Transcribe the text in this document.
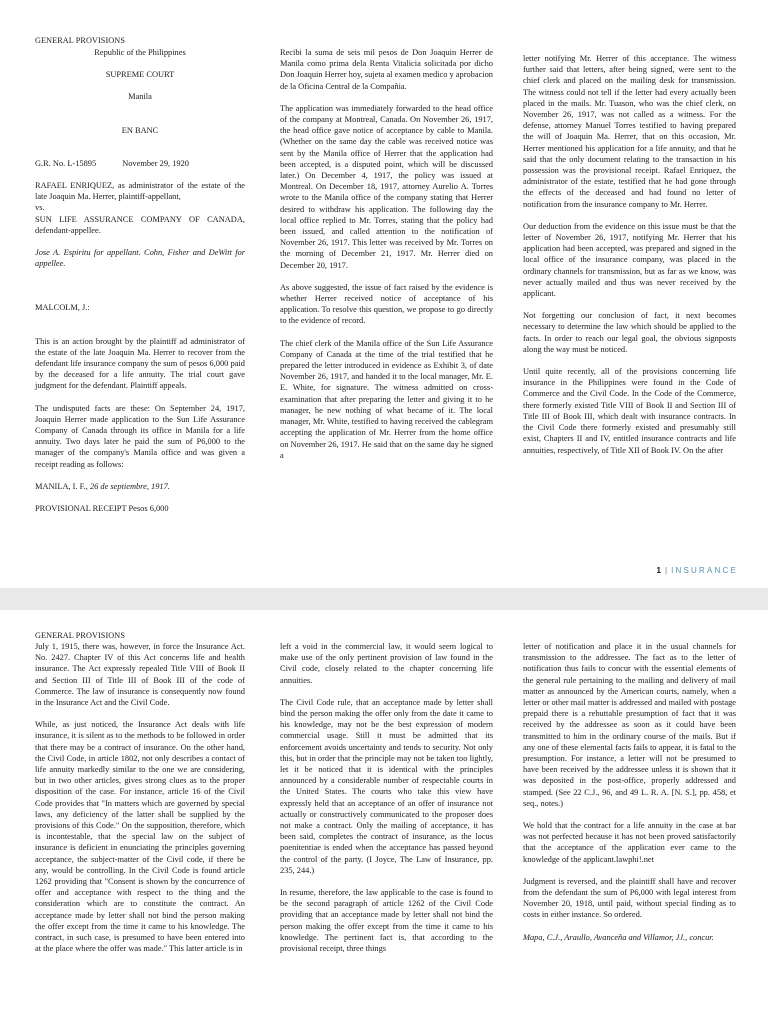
GENERAL PROVISIONS

Republic of the Philippines

SUPREME COURT

Manila

EN BANC

G.R. No. L-15895	November 29, 1920

RAFAEL ENRIQUEZ, as administrator of the estate of the late Joaquin Ma. Herrer, plaintiff-appellant,

vs.

SUN LIFE ASSURANCE COMPANY OF CANADA, defendant-appellee.

Jose A. Espiritu for appellant. Cohn, Fisher and DeWitt for appellee.

MALCOLM, J.:

This is an action brought by the plaintiff ad administrator of the estate of the late Joaquin Ma. Herrer to recover from the defendant life insurance company the sum of pesos 6,000 paid by the deceased for a life annuity. The trial court gave judgment for the defendant. Plaintiff appeals.

The undisputed facts are these: On September 24, 1917, Joaquin Herrer made application to the Sun Life Assurance Company of Canada through its office in Manila for a life annuity. Two days later he paid the sum of P6,000 to the manager of the company's Manila office and was given a receipt reading as follows:

MANILA, I. F., 26 de septiembre, 1917.

PROVISIONAL RECEIPT Pesos 6,000

Recibi la suma de seis mil pesos de Don Joaquin Herrer de Manila como prima dela Renta Vitalicia solicitada por dicho Don Joaquin Herrer hoy, sujeta al examen medico y aprobacion de la Oficina Central de la Compañia.

The application was immediately forwarded to the head office of the company at Montreal, Canada. On November 26, 1917, the head office gave notice of acceptance by cable to Manila. (Whether on the same day the cable was received notice was sent by the Manila office of Herrer that the application had been accepted, is a disputed point, which will be discussed later.) On December 4, 1917, the policy was issued at Montreal. On December 18, 1917, attorney Aurelio A. Torres wrote to the Manila office of the company stating that Herrer desired to withdraw his application. The following day the local office replied to Mr. Torres, stating that the policy had been issued, and called attention to the notification of November 26, 1917. This letter was received by Mr. Torres on the morning of December 21, 1917. Mr. Herrer died on December 20, 1917.

As above suggested, the issue of fact raised by the evidence is whether Herrer received notice of acceptance of his application. To resolve this question, we propose to go directly to the evidence of record.

The chief clerk of the Manila office of the Sun Life Assurance Company of Canada at the time of the trial testified that he prepared the letter introduced in evidence as Exhibit 3, of date November 26, 1917, and handed it to the local manager, Mr. E. E. White, for signature. The witness admitted on cross-examination that after preparing the letter and giving it to he manager, he new nothing of what became of it. The local manager, Mr. White, testified to having received the cablegram accepting the application of Mr. Herrer from the home office on November 26, 1917. He said that on the same day he signed a

letter notifying Mr. Herrer of this acceptance. The witness further said that letters, after being signed, were sent to the chief clerk and placed on the mailing desk for transmission. The witness could not tell if the letter had every actually been placed in the mails. Mr. Tuason, who was the chief clerk, on November 26, 1917, was not called as a witness. For the defense, attorney Manuel Torres testified to having prepared the will of Joaquin Ma. Herrer, that on this occasion, Mr. Herrer mentioned his application for a life annuity, and that he said that the only document relating to the transaction in his possession was the provisional receipt. Rafael Enriquez, the administrator of the estate, testified that he had gone through the effects of the deceased and had found no letter of notification from the insurance company to Mr. Herrer.

Our deduction from the evidence on this issue must be that the letter of November 26, 1917, notifying Mr. Herrer that his application had been accepted, was prepared and signed in the local office of the insurance company, was placed in the ordinary channels for transmission, but as far as we know, was never actually mailed and thus was never received by the applicant.

Not forgetting our conclusion of fact, it next becomes necessary to determine the law which should be applied to the facts. In order to reach our legal goal, the obvious signposts along the way must be noticed.

Until quite recently, all of the provisions concerning life insurance in the Philippines were found in the Code of Commerce and the Civil Code. In the Code of the Commerce, there formerly existed Title VIII of Book II and Section III of Title III of Book III, which dealt with insurance contracts. In the Civil Code there formerly existed and presumably still exist, Chapters II and IV, entitled insurance contracts and life annuities, respectively, of Title XII of Book IV. On the after

1 | INSURANCE
GENERAL PROVISIONS

July 1, 1915, there was, however, in force the Insurance Act. No. 2427. Chapter IV of this Act concerns life and health insurance. The Act expressly repealed Title VIII of Book II and Section III of Title III of Book III of the code of Commerce. The law of insurance is consequently now found in the Insurance Act and the Civil Code.

While, as just noticed, the Insurance Act deals with life insurance, it is silent as to the methods to be followed in order that there may be a contract of insurance. On the other hand, the Civil Code, in article 1802, not only describes a contact of life annuity markedly similar to the one we are considering, but in two other articles, gives strong clues as to the proper disposition of the case. For instance, article 16 of the Civil Code provides that "In matters which are governed by special laws, any deficiency of the latter shall be supplied by the provisions of this Code." On the supposition, therefore, which is incontestable, that the special law on the subject of insurance is deficient in enunciating the principles governing acceptance, the subject-matter of the Civil code, if there be any, would be controlling. In the Civil Code is found article 1262 providing that "Consent is shown by the concurrence of offer and acceptance with respect to the thing and the consideration which are to constitute the contract. An acceptance made by letter shall not bind the person making the offer except from the time it came to his knowledge. The contract, in such case, is presumed to have been entered into at the place where the offer was made." This latter article is in

left a void in the commercial law, it would seem logical to make use of the only pertinent provision of law found in the Civil code, closely related to the chapter concerning life annuities.

The Civil Code rule, that an acceptance made by letter shall bind the person making the offer only from the date it came to his knowledge, may not be the best expression of modern commercial usage. Still it must be admitted that its enforcement avoids uncertainty and tends to security. Not only this, but in order that the principle may not be taken too lightly, let it be noticed that it is identical with the principles announced by a considerable number of respectable courts in the United States. The courts who take this view have expressly held that an acceptance of an offer of insurance not actually or constructively communicated to the proposer does not make a contract. Only the mailing of acceptance, it has been said, completes the contract of insurance, as the locus poenitentiae is ended when the acceptance has passed beyond the control of the party. (I Joyce, The Law of Insurance, pp. 235, 244.)

In resume, therefore, the law applicable to the case is found to be the second paragraph of article 1262 of the Civil Code providing that an acceptance made by letter shall not bind the person making the offer except from the time it came to his knowledge. The pertinent fact is, that according to the provisional receipt, three things

letter of notification and place it in the usual channels for transmission to the addressee. The fact as to the letter of notification thus fails to concur with the essential elements of the general rule pertaining to the mailing and delivery of mail matter as announced by the American courts, namely, when a letter or other mail matter is addressed and mailed with postage prepaid there is a rebuttable presumption of fact that it was received by the addressee as soon as it could have been transmitted to him in the ordinary course of the mails. But if any one of these elemental facts fails to appear, it is fatal to the presumption. For instance, a letter will not be presumed to have been received by the addressee unless it is shown that it was deposited in the post-office, properly addressed and stamped. (See 22 C.J., 96, and 49 L. R. A. [N. S.], pp. 458, et seq., notes.)

We hold that the contract for a life annuity in the case at bar was not perfected because it has not been proved satisfactorily that the acceptance of the application ever came to the knowledge of the applicant.lawphi!.net

Judgment is reversed, and the plaintiff shall have and recover from the defendant the sum of P6,000 with legal interest from November 20, 1918, until paid, without special finding as to costs in either instance. So ordered.

Mapa, C.J., Araullo, Avanceña and Villamor, JJ., concur.
